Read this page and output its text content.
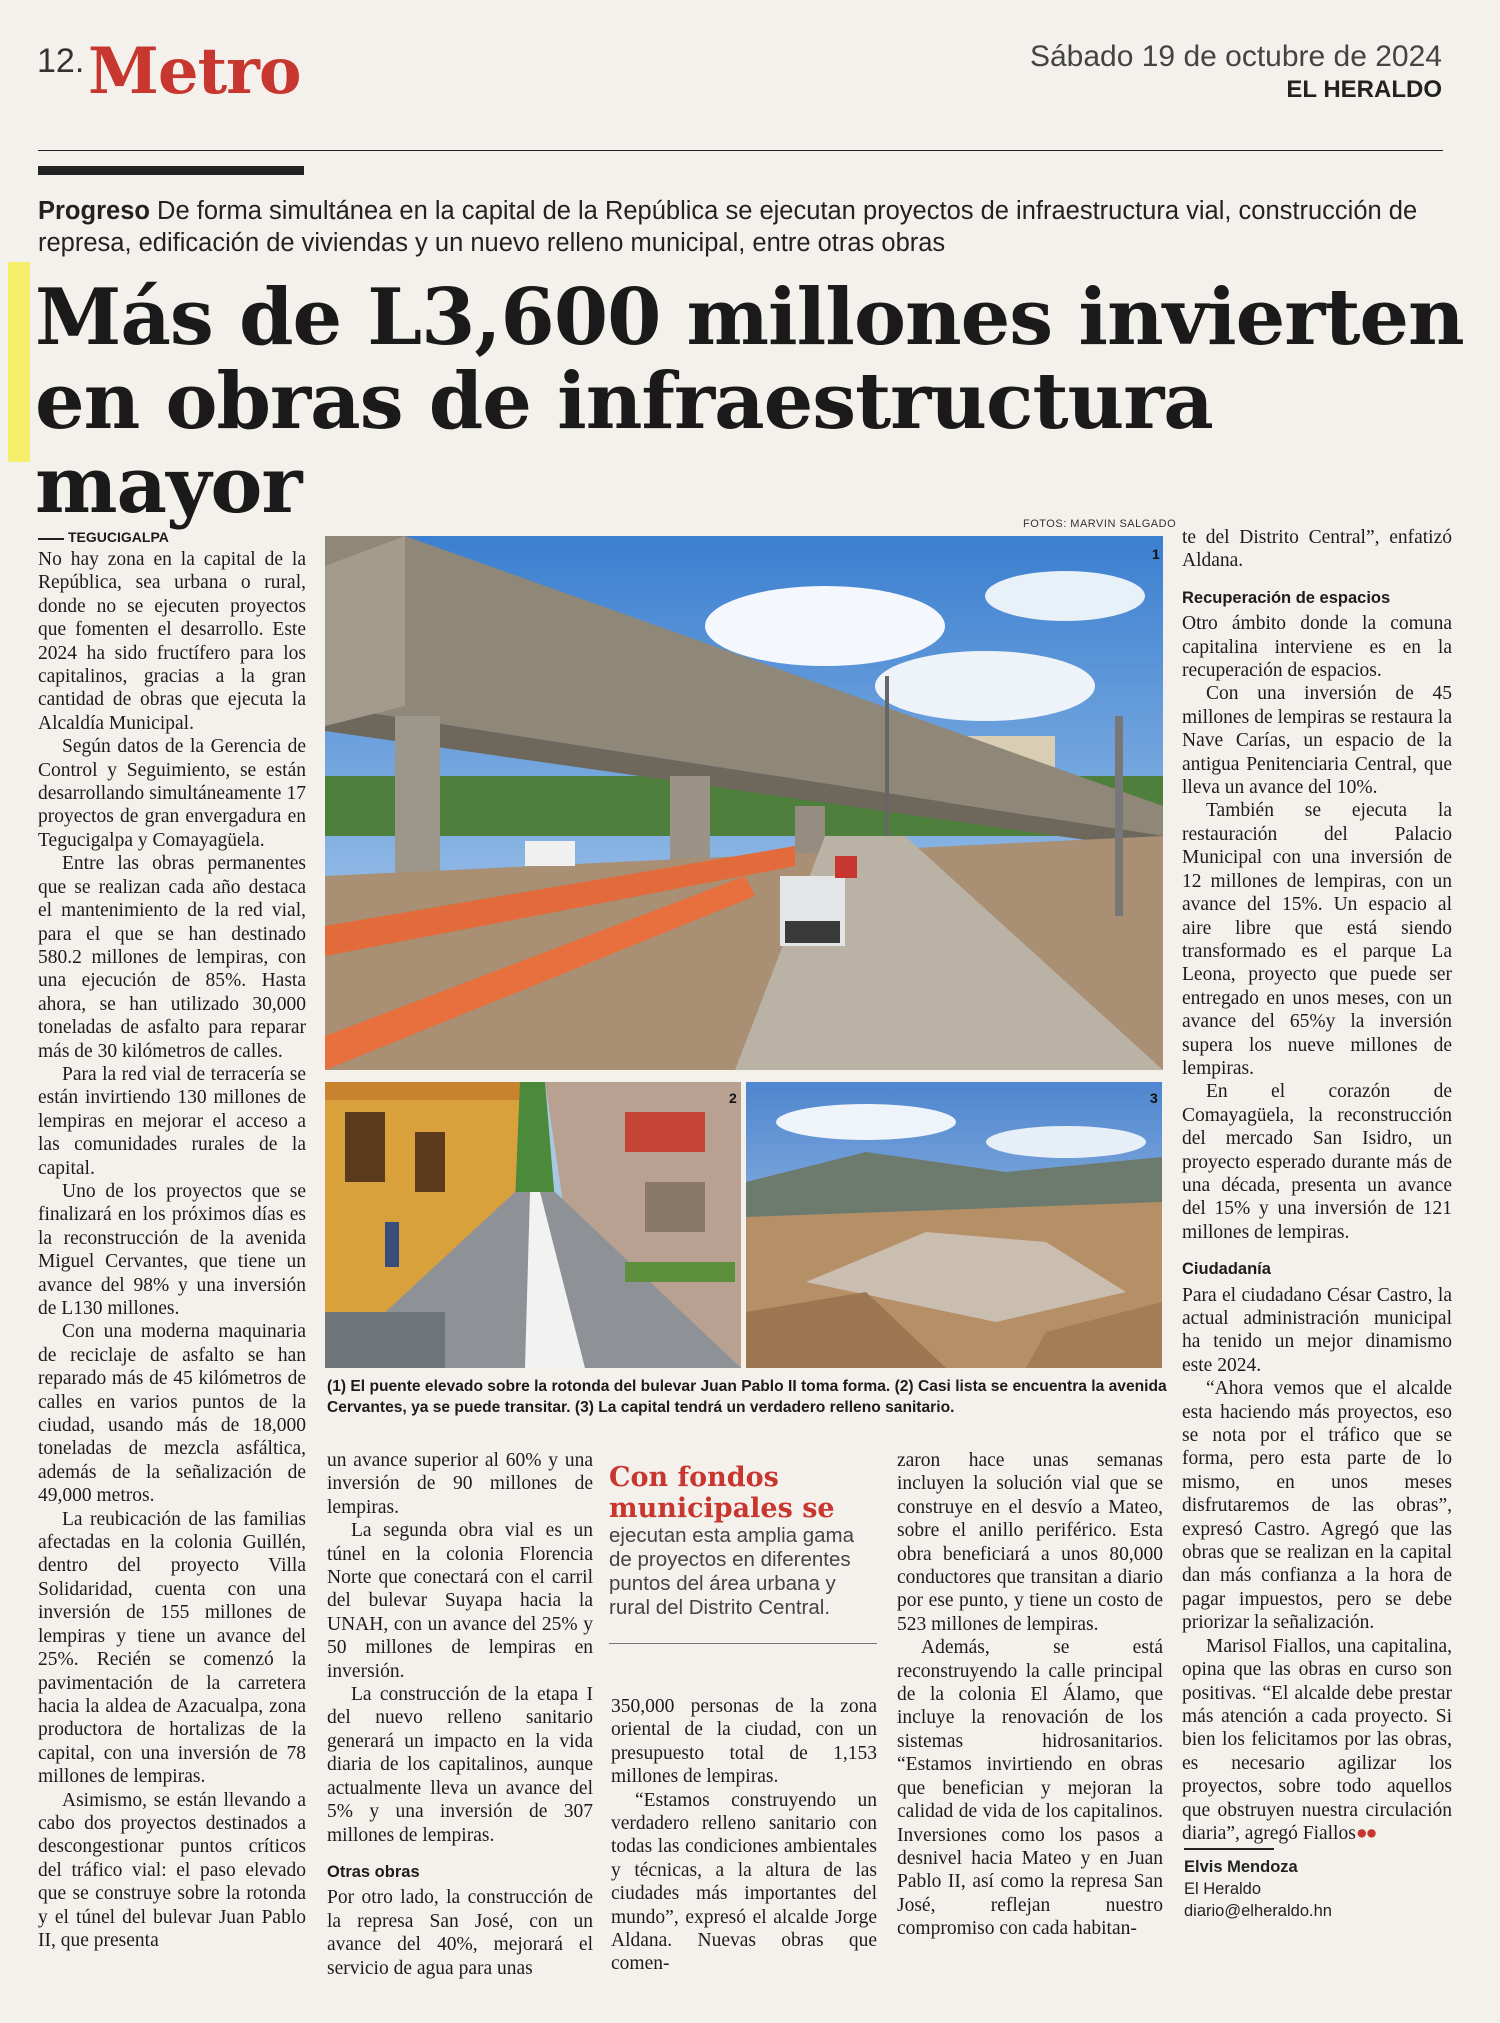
12. Metro	Sábado 19 de octubre de 2024
EL HERALDO
Progreso De forma simultánea en la capital de la República se ejecutan proyectos de infraestructura vial, construcción de represa, edificación de viviendas y un nuevo relleno municipal, entre otras obras
Más de L3,600 millones invierten
en obras de infraestructura mayor
TEGUCIGALPA

No hay zona en la capital de la República, sea urbana o rural, donde no se ejecuten proyectos que fomenten el desarrollo. Este 2024 ha sido fructífero para los capitalinos, gracias a la gran cantidad de obras que ejecuta la Alcaldía Municipal.

Según datos de la Gerencia de Control y Seguimiento, se están desarrollando simultáneamente 17 proyectos de gran envergadura en Tegucigalpa y Comayagüela.

Entre las obras permanentes que se realizan cada año destaca el mantenimiento de la red vial, para el que se han destinado 580.2 millones de lempiras, con una ejecución de 85%. Hasta ahora, se han utilizado 30,000 toneladas de asfalto para reparar más de 30 kilómetros de calles.

Para la red vial de terracería se están invirtiendo 130 millones de lempiras en mejorar el acceso a las comunidades rurales de la capital.

Uno de los proyectos que se finalizará en los próximos días es la reconstrucción de la avenida Miguel Cervantes, que tiene un avance del 98% y una inversión de L130 millones.

Con una moderna maquinaria de reciclaje de asfalto se han reparado más de 45 kilómetros de calles en varios puntos de la ciudad, usando más de 18,000 toneladas de mezcla asfáltica, además de la señalización de 49,000 metros.

La reubicación de las familias afectadas en la colonia Guillén, dentro del proyecto Villa Solidaridad, cuenta con una inversión de 155 millones de lempiras y tiene un avance del 25%. Recién se comenzó la pavimentación de la carretera hacia la aldea de Azacualpa, zona productora de hortalizas de la capital, con una inversión de 78 millones de lempiras.

Asimismo, se están llevando a cabo dos proyectos destinados a descongestionar puntos críticos del tráfico vial: el paso elevado que se construye sobre la rotonda y el túnel del bulevar Juan Pablo II, que presenta

FOTOS: MARVIN SALGADO
1
2	3
(1) El puente elevado sobre la rotonda del bulevar Juan Pablo II toma forma. (2) Casi lista se encuentra la avenida Cervantes, ya se puede transitar. (3) La capital tendrá un verdadero relleno sanitario.

un avance superior al 60% y una inversión de 90 millones de lempiras.

La segunda obra vial es un túnel en la colonia Florencia Norte que conectará con el carril del bulevar Suyapa hacia la UNAH, con un avance del 25% y 50 millones de lempiras en inversión.

La construcción de la etapa I del nuevo relleno sanitario generará un impacto en la vida diaria de los capitalinos, aunque actualmente lleva un avance del 5% y una inversión de 307 millones de lempiras.

Otras obras

Por otro lado, la construcción de la represa San José, con un avance del 40%, mejorará el servicio de agua para unas

Con fondos municipales se
ejecutan esta amplia gama de proyectos en diferentes puntos del área urbana y rural del Distrito Central.

350,000 personas de la zona oriental de la ciudad, con un presupuesto total de 1,153 millones de lempiras.

“Estamos construyendo un verdadero relleno sanitario con todas las condiciones ambientales y técnicas, a la altura de las ciudades más importantes del mundo”, expresó el alcalde Jorge Aldana. Nuevas obras que comen-

zaron hace unas semanas incluyen la solución vial que se construye en el desvío a Mateo, sobre el anillo periférico. Esta obra beneficiará a unos 80,000 conductores que transitan a diario por ese punto, y tiene un costo de 523 millones de lempiras.

Además, se está reconstruyendo la calle principal de la colonia El Álamo, que incluye la renovación de los sistemas hidrosanitarios. “Estamos invirtiendo en obras que benefician y mejoran la calidad de vida de los capitalinos. Inversiones como los pasos a desnivel hacia Mateo y en Juan Pablo II, así como la represa San José, reflejan nuestro compromiso con cada habitan-

te del Distrito Central”, enfatizó Aldana.

Recuperación de espacios

Otro ámbito donde la comuna capitalina interviene es en la recuperación de espacios.

Con una inversión de 45 millones de lempiras se restaura la Nave Carías, un espacio de la antigua Penitenciaria Central, que lleva un avance del 10%.

También se ejecuta la restauración del Palacio Municipal con una inversión de 12 millones de lempiras, con un avance del 15%. Un espacio al aire libre que está siendo transformado es el parque La Leona, proyecto que puede ser entregado en unos meses, con un avance del 65%y la inversión supera los nueve millones de lempiras.

En el corazón de Comayagüela, la reconstrucción del mercado San Isidro, un proyecto esperado durante más de una década, presenta un avance del 15% y una inversión de 121 millones de lempiras.

Ciudadanía

Para el ciudadano César Castro, la actual administración municipal ha tenido un mejor dinamismo este 2024.

“Ahora vemos que el alcalde esta haciendo más proyectos, eso se nota por el tráfico que se forma, pero esta parte de lo mismo, en unos meses disfrutaremos de las obras”, expresó Castro. Agregó que las obras que se realizan en la capital dan más confianza a la hora de pagar impuestos, pero se debe priorizar la señalización.

Marisol Fiallos, una capitalina, opina que las obras en curso son positivas. “El alcalde debe prestar más atención a cada proyecto. Si bien los felicitamos por las obras, es necesario agilizar los proyectos, sobre todo aquellos que obstruyen nuestra circulación diaria”, agregó Fiallos●●

Elvis Mendoza
El Heraldo
diario@elheraldo.hn
